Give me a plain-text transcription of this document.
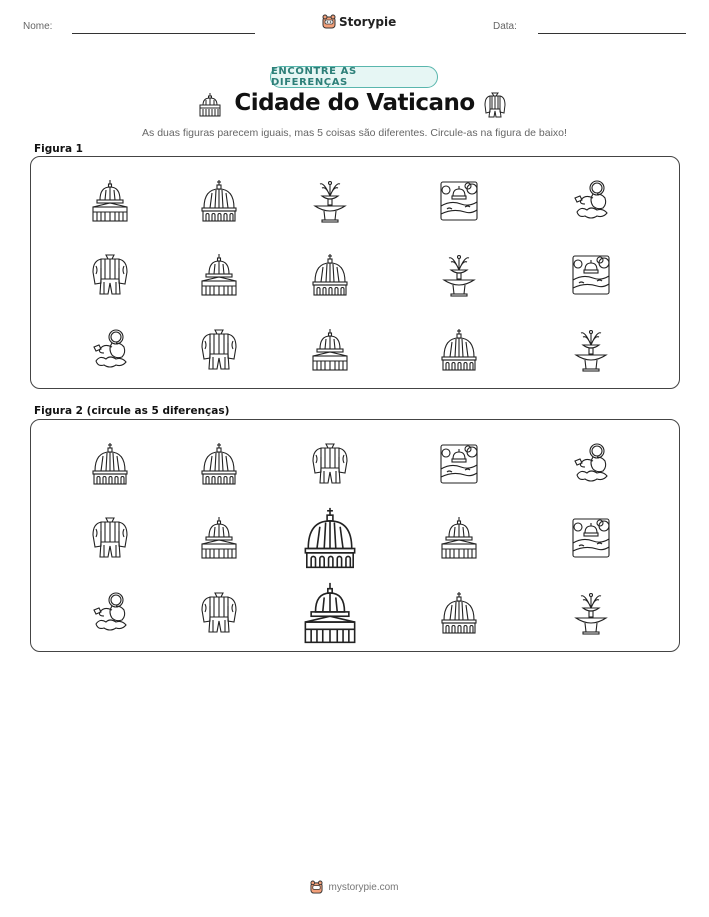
Nome:	Storypie	Data:
ENCONTRE AS DIFERENÇAS
Cidade do Vaticano
As duas figuras parecem iguais, mas 5 coisas são diferentes. Circule-as na figura de baixo!
Figura 1
Figura 2 (circule as 5 diferenças)
mystorypie.com
